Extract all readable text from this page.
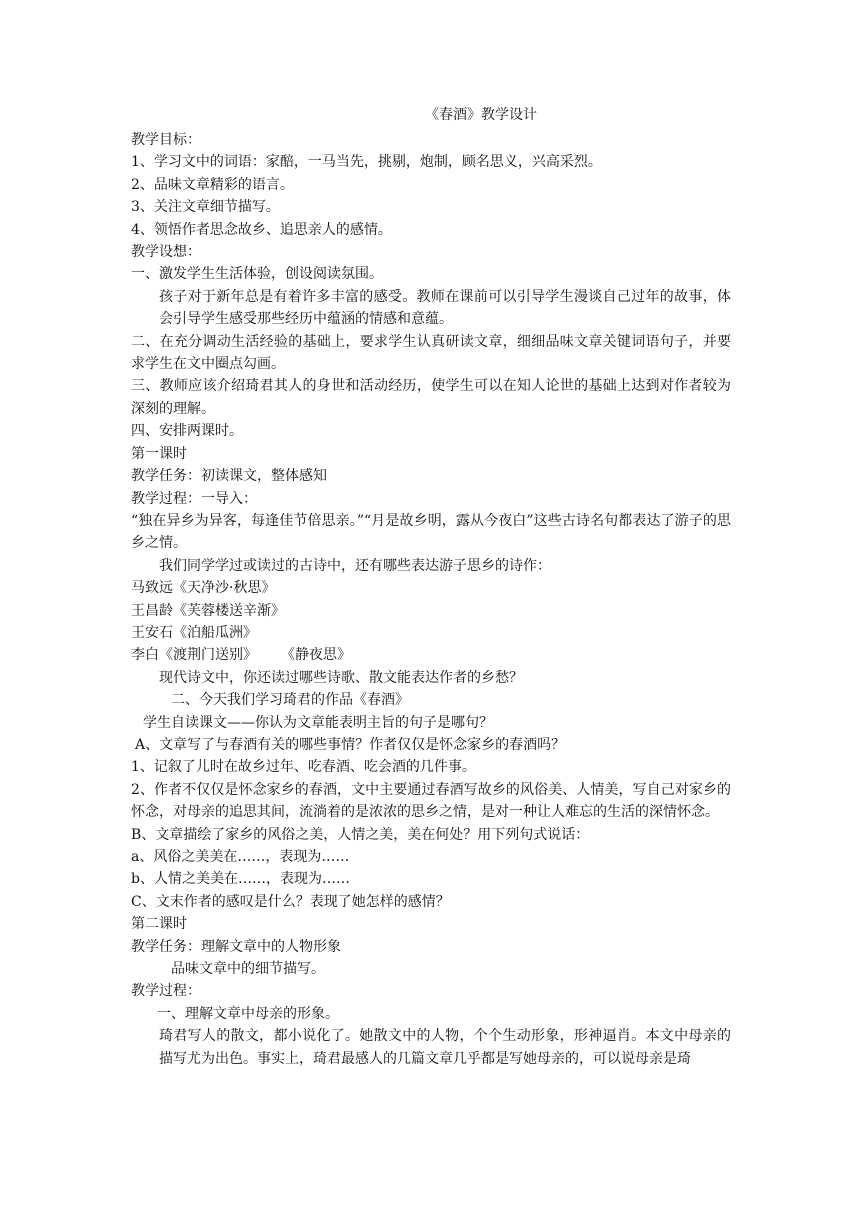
《春酒》教学设计
教学目标：
1、学习文中的词语：家醅，一马当先，挑剔，炮制，顾名思义，兴高采烈。
2、品味文章精彩的语言。
3、关注文章细节描写。
4、领悟作者思念故乡、追思亲人的感情。
教学设想：
一、激发学生生活体验，创设阅读氛围。
孩子对于新年总是有着许多丰富的感受。教师在课前可以引导学生漫谈自己过年的故事，体会引导学生感受那些经历中蕴涵的情感和意蕴。
二、在充分调动生活经验的基础上，要求学生认真研读文章，细细品味文章关键词语句子，并要求学生在文中圈点勾画。
三、教师应该介绍琦君其人的身世和活动经历，使学生可以在知人论世的基础上达到对作者较为深刻的理解。
四、安排两课时。
第一课时
教学任务：初读课文，整体感知
教学过程：一导入：
“独在异乡为异客，每逢佳节倍思亲。”“月是故乡明，露从今夜白”这些古诗名句都表达了游子的思乡之情。
我们同学学过或读过的古诗中，还有哪些表达游子思乡的诗作：
马致远《天净沙·秋思》
王昌龄《芙蓉楼送辛渐》
王安石《泊船瓜洲》
李白《渡荆门送别》 《静夜思》
现代诗文中，你还读过哪些诗歌、散文能表达作者的乡愁？
二、今天我们学习琦君的作品《春酒》
学生自读课文——你认为文章能表明主旨的句子是哪句？
A、文章写了与春酒有关的哪些事情？作者仅仅是怀念家乡的春酒吗？
1、记叙了儿时在故乡过年、吃春酒、吃会酒的几件事。
2、作者不仅仅是怀念家乡的春酒，文中主要通过春酒写故乡的风俗美、人情美，写自己对家乡的怀念，对母亲的追思其间，流淌着的是浓浓的思乡之情，是对一种让人难忘的生活的深情怀念。
B、文章描绘了家乡的风俗之美，人情之美，美在何处？用下列句式说话：
a、风俗之美美在……，表现为……
b、人情之美美在……，表现为……
C、文末作者的感叹是什么？表现了她怎样的感情？
第二课时
教学任务：理解文章中的人物形象
品味文章中的细节描写。
教学过程：
一、理解文章中母亲的形象。
琦君写人的散文，都小说化了。她散文中的人物，个个生动形象，形神逼肖。本文中母亲的描写尤为出色。事实上，琦君最感人的几篇文章几乎都是写她母亲的，可以说母亲是琦
